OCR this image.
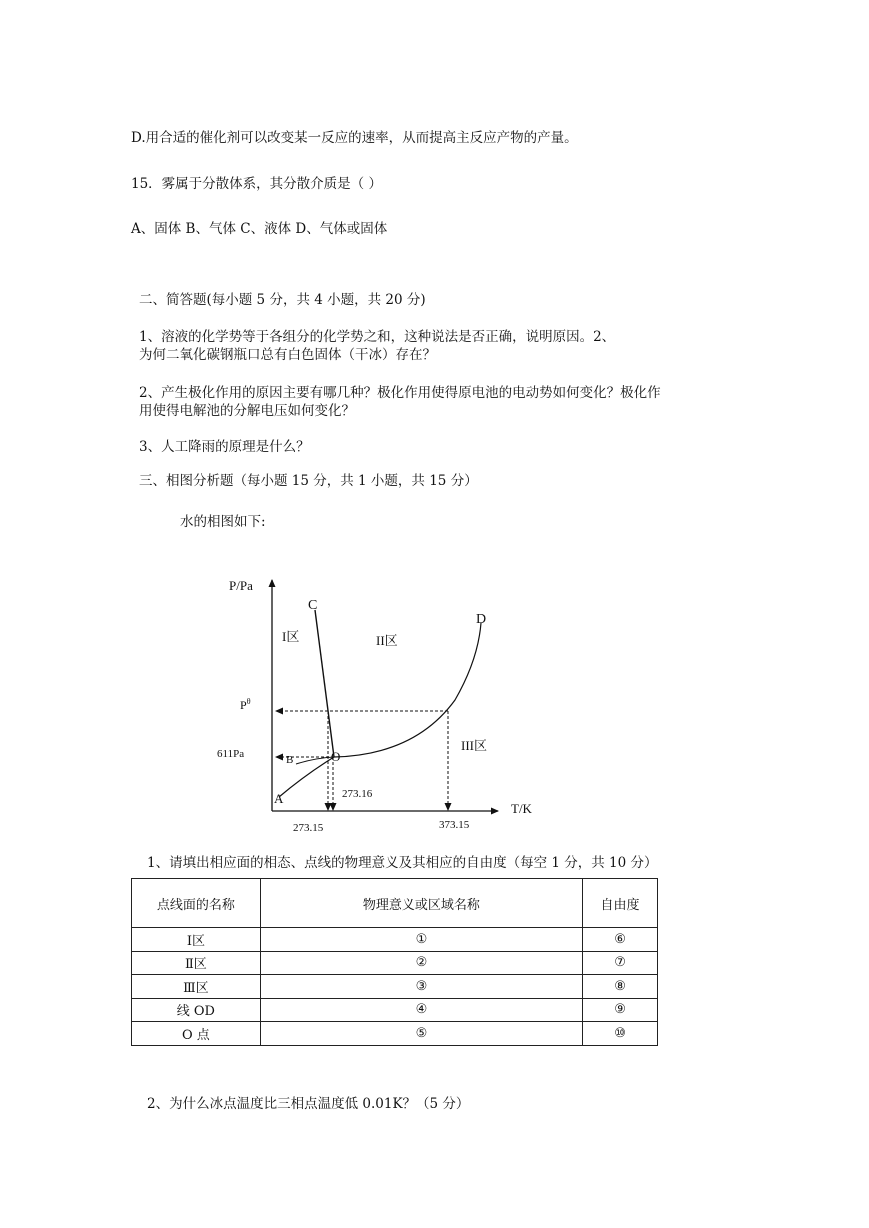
D.用合适的催化剂可以改变某一反应的速率，从而提高主反应产物的产量。
15．雾属于分散体系，其分散介质是（ ）
A、固体 B、气体 C、液体 D、气体或固体
二、简答题(每小题 5 分，共 4 小题，共 20 分)
1、溶液的化学势等于各组分的化学势之和，这种说法是否正确，说明原因。2、
为何二氧化碳钢瓶口总有白色固体（干冰）存在？
2、产生极化作用的原因主要有哪几种？极化作用使得原电池的电动势如何变化？极化作
用使得电解池的分解电压如何变化？
3、人工降雨的原理是什么？
三、相图分析题（每小题 15 分，共 1 小题，共 15 分）
水的相图如下:
P/Pa
T/K
$P^\theta$
611Pa
A
B
C
D
O
I区	II区
III区
273.16
273.15	373.15
1、请填出相应面的相态、点线的物理意义及其相应的自由度（每空 1 分，共 10 分）
点线面的名称	物理意义或区域名称	自由度
Ⅰ区	①	⑥
Ⅱ区	②	⑦
Ⅲ区	③	⑧
线 OD	④	⑨
O 点	⑤	⑩
2、为什么冰点温度比三相点温度低 0.01K？（5 分）
